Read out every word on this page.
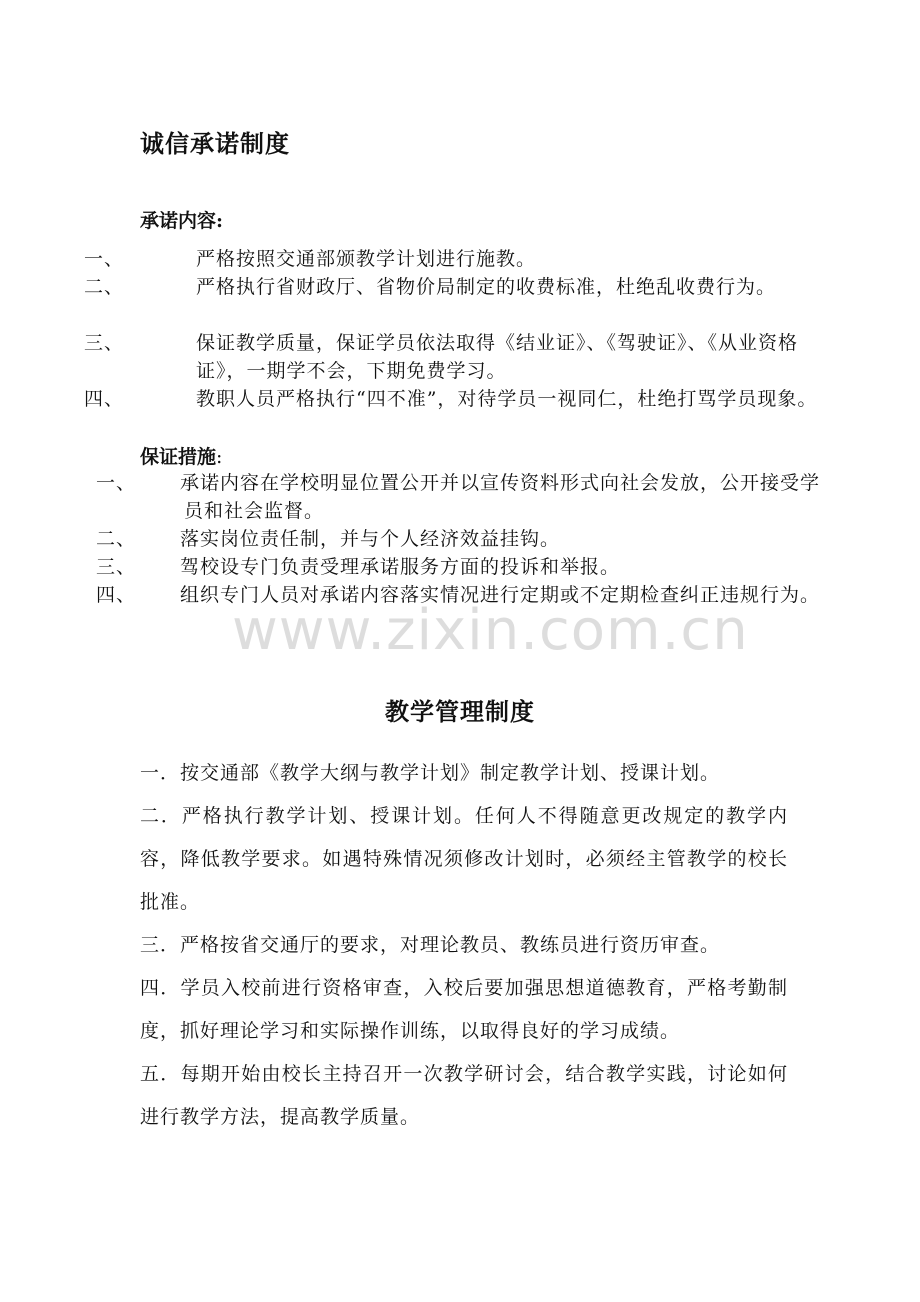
诚信承诺制度
承诺内容:
一、	严格按照交通部颁教学计划进行施教。
二、	严格执行省财政厅、省物价局制定的收费标准，杜绝乱收费行为。
三、	保证教学质量，保证学员依法取得《结业证》、《驾驶证》、《从业资格证》，一期学不会，下期免费学习。
四、	教职人员严格执行“四不准”，对待学员一视同仁，杜绝打骂学员现象。
保证措施:
一、 承诺内容在学校明显位置公开并以宣传资料形式向社会发放，公开接受学员和社会监督。
二、 落实岗位责任制，并与个人经济效益挂钩。
三、 驾校设专门负责受理承诺服务方面的投诉和举报。
四、 组织专门人员对承诺内容落实情况进行定期或不定期检查纠正违规行为。
www.zixin.com.cn
教学管理制度
一．按交通部《教学大纲与教学计划》制定教学计划、授课计划。
二．严格执行教学计划、授课计划。任何人不得随意更改规定的教学内容，降低教学要求。如遇特殊情况须修改计划时，必须经主管教学的校长批准。
三．严格按省交通厅的要求，对理论教员、教练员进行资历审查。
四．学员入校前进行资格审查，入校后要加强思想道德教育，严格考勤制度，抓好理论学习和实际操作训练，以取得良好的学习成绩。
五．每期开始由校长主持召开一次教学研讨会，结合教学实践，讨论如何进行教学方法，提高教学质量。
